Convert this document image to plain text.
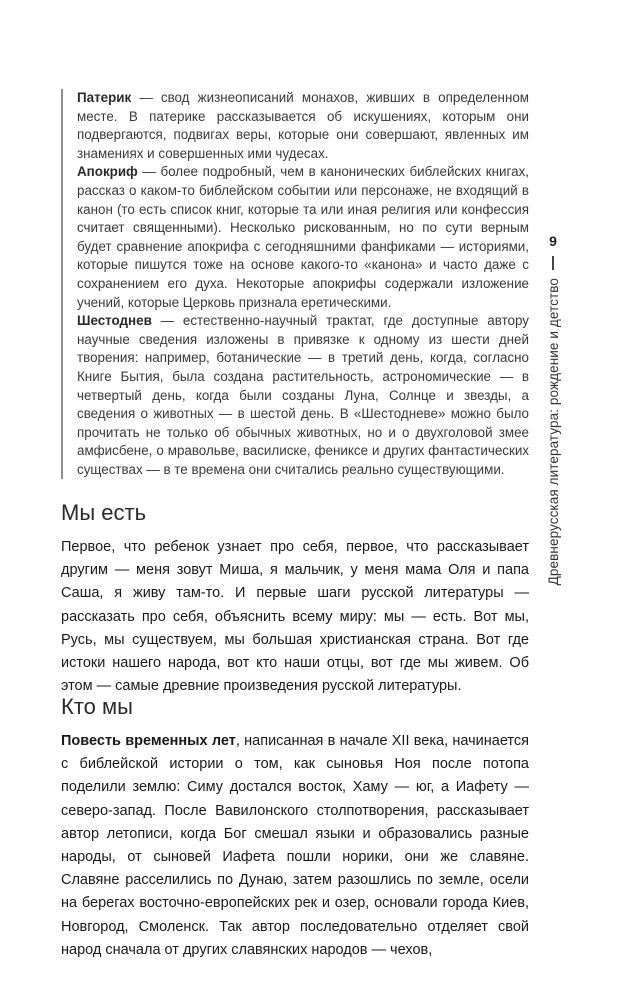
Патерик — свод жизнеописаний монахов, живших в определенном месте. В патерике рассказывается об искушениях, которым они подвергаются, подвигах веры, которые они совершают, явленных им знамениях и совершенных ими чудесах.

Апокриф — более подробный, чем в канонических библейских книгах, рассказ о каком-то библейском событии или персонаже, не входящий в канон (то есть список книг, которые та или иная религия или конфессия считает священными). Несколько рискованным, но по сути верным будет сравнение апокрифа с сегодняшними фанфиками — историями, которые пишутся тоже на основе какого-то «канона» и часто даже с сохранением его духа. Некоторые апокрифы содержали изложение учений, которые Церковь признала еретическими.

Шестоднев — естественно-научный трактат, где доступные автору научные сведения изложены в привязке к одному из шести дней творения: например, ботанические — в третий день, когда, согласно Книге Бытия, была создана растительность, астрономические — в четвертый день, когда были созданы Луна, Солнце и звезды, а сведения о животных — в шестой день. В «Шестодневе» можно было прочитать не только об обычных животных, но и о двухголовой змее амфисбене, о мравольве, василиске, фениксе и других фантастических существах — в те времена они считались реально существующими.

Мы есть

Первое, что ребенок узнает про себя, первое, что рассказывает другим — меня зовут Миша, я мальчик, у меня мама Оля и папа Саша, я живу там-то. И первые шаги русской литературы — рассказать про себя, объяснить всему миру: мы — есть. Вот мы, Русь, мы существуем, мы большая христианская страна. Вот где истоки нашего народа, вот кто наши отцы, вот где мы живем. Об этом — самые древние произведения русской литературы.

Кто мы

Повесть временных лет, написанная в начале XII века, начинается с библейской истории о том, как сыновья Ноя после потопа поделили землю: Симу достался восток, Хаму — юг, а Иафету — северо-запад. После Вавилонского столпотворения, рассказывает автор летописи, когда Бог смешал языки и образовались разные народы, от сыновей Иафета пошли норики, они же славяне. Славяне расселились по Дунаю, затем разошлись по земле, осели на берегах восточно-европейских рек и озер, основали города Киев, Новгород, Смоленск. Так автор последовательно отделяет свой народ сначала от других славянских народов — чехов,

9
Древнерусская литература: рождение и детство
